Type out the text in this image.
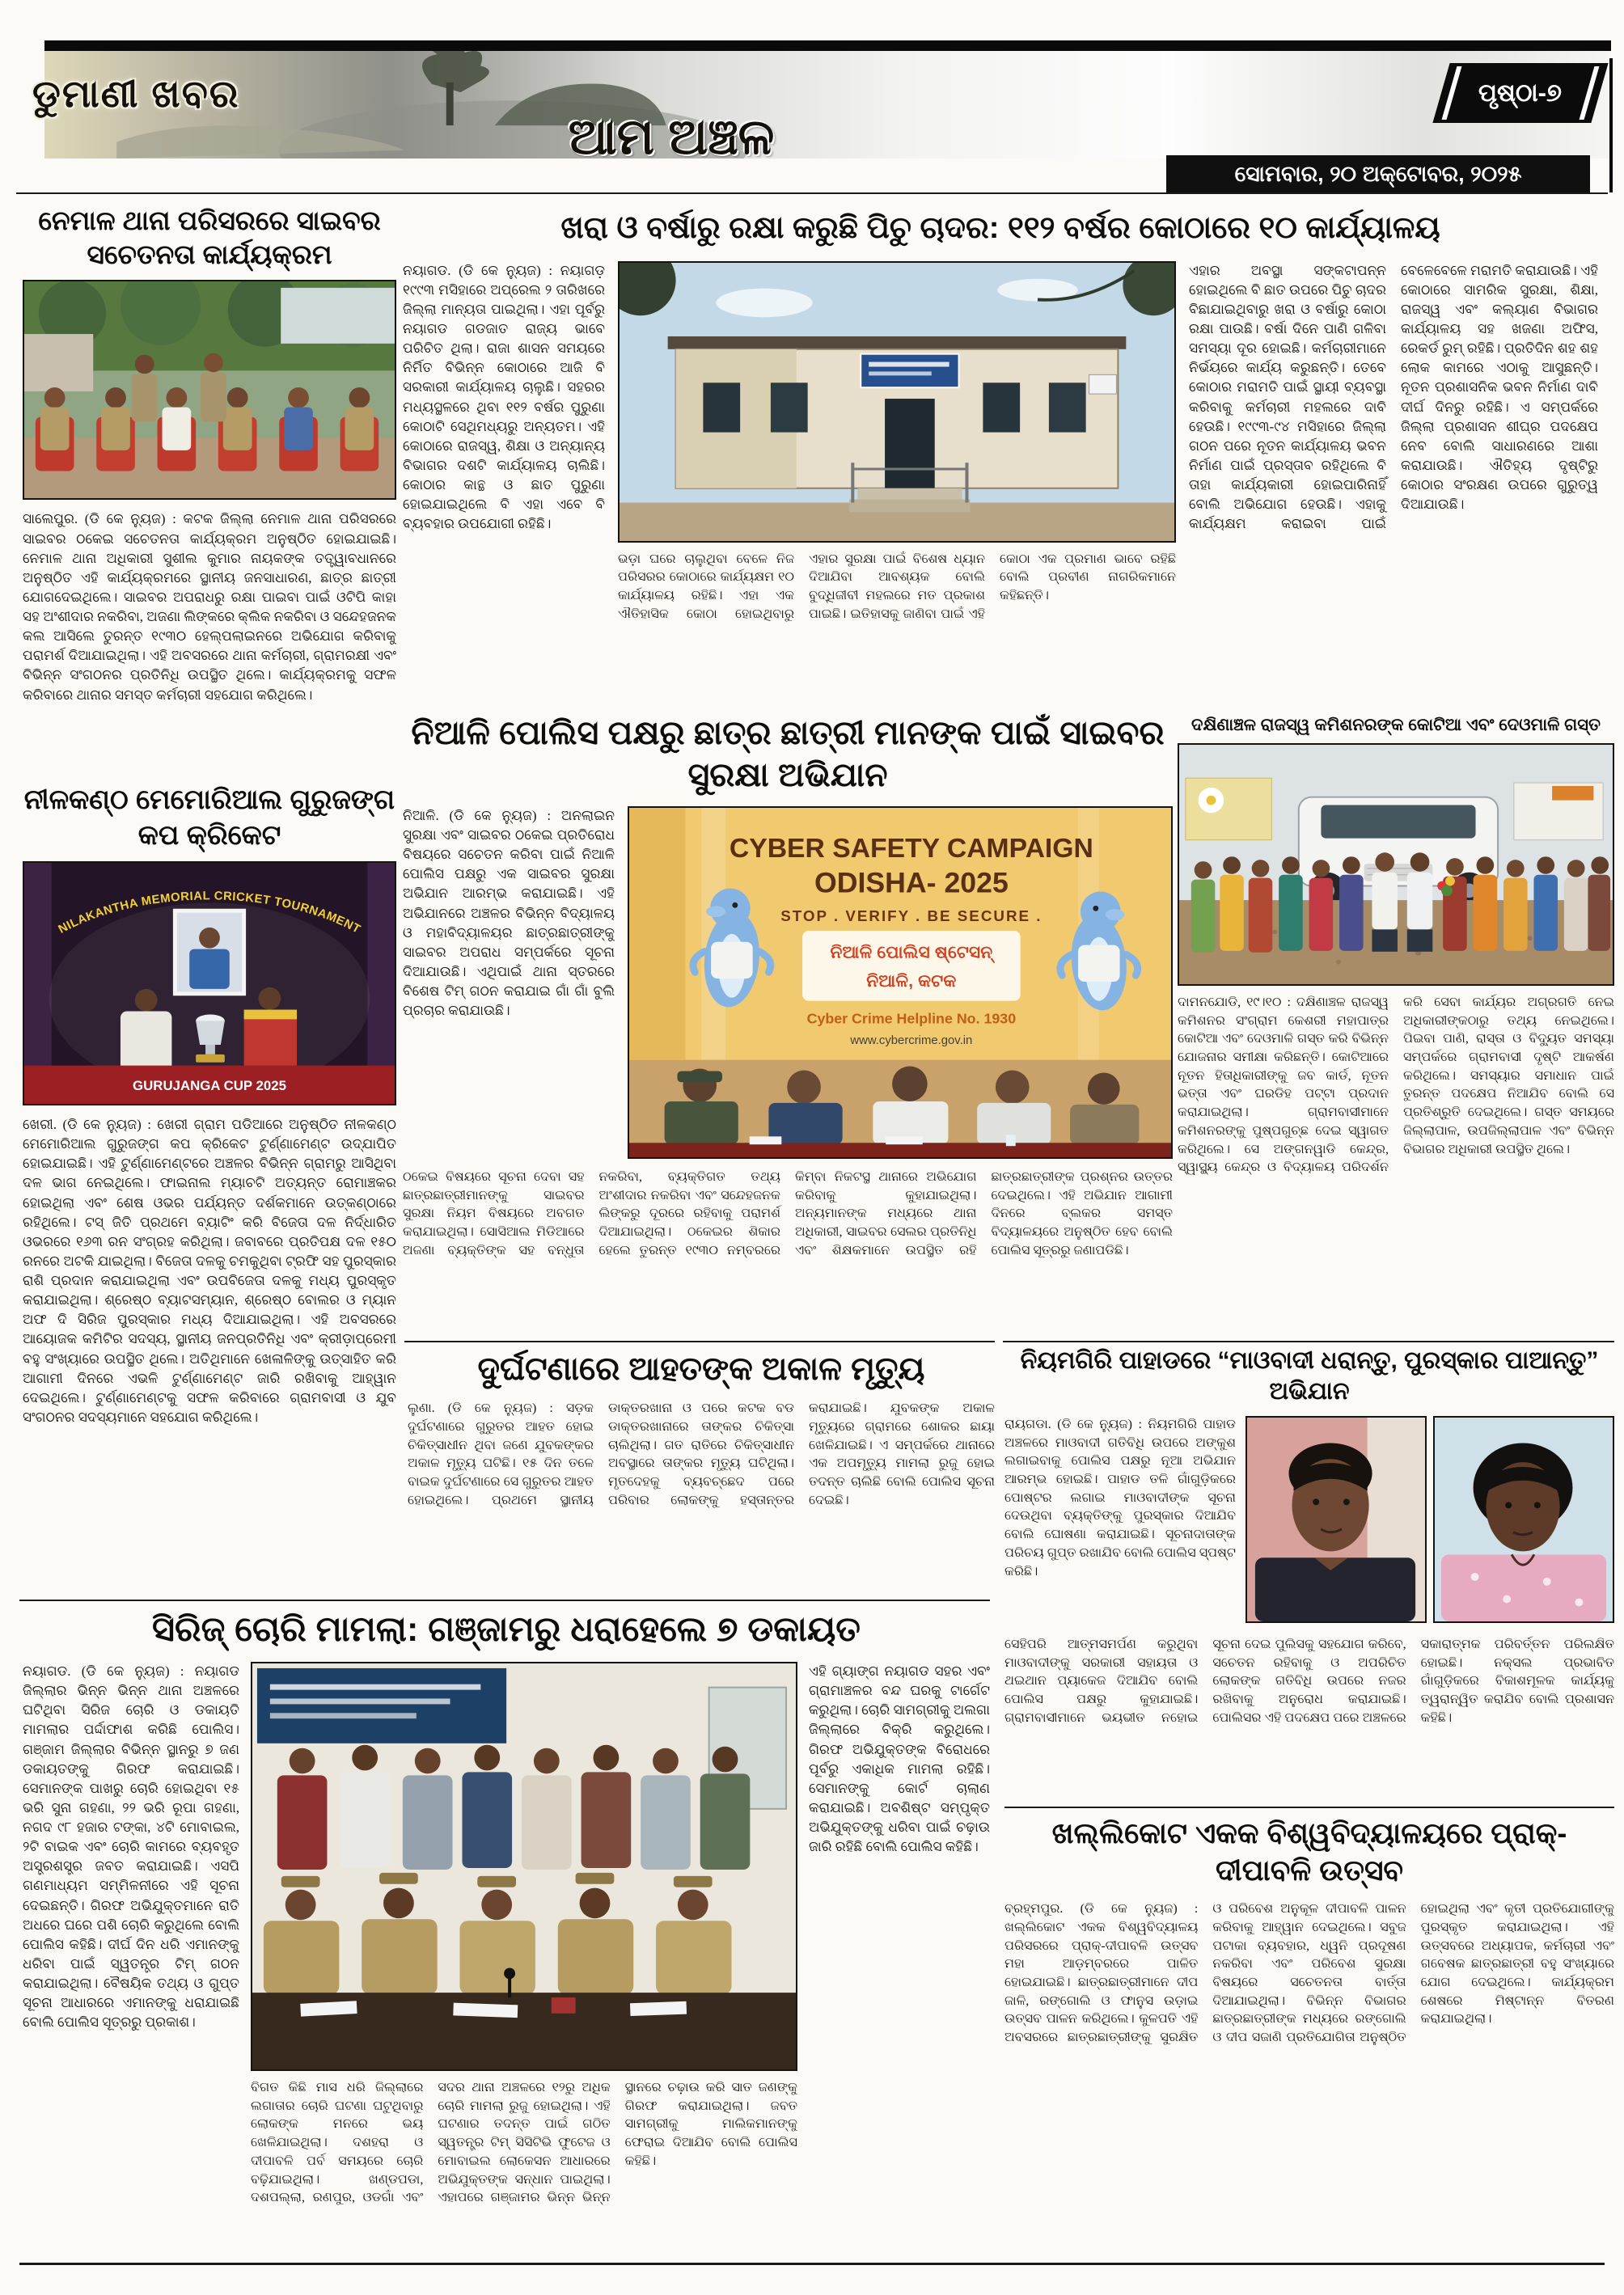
ଡୁମାଣୀ ଖବର	ପୃଷ୍ଠା-୭
ଆମ ଅଞ୍ଚଳ
ସୋମବାର, ୨୦ ଅକ୍ଟୋବର, ୨୦୨୫
ନେମାଳ ଥାନା ପରିସରରେ ସାଇବର ସଚେତନତା କାର୍ଯ୍ୟକ୍ରମ
ସାଲେପୁର. (ଡି କେ ନ୍ୟୁଜ) : କଟକ ଜିଲ୍ଲା ନେମାଳ ଥାନା ପରିସରରେ ସାଇବର ଠକେଇ ସଚେତନତା କାର୍ଯ୍ୟକ୍ରମ ଅନୁଷ୍ଠିତ ହୋଇଯାଇଛି। ନେମାଳ ଥାନା ଅଧିକାରୀ ସୁଶୀଲ କୁମାର ନାୟକଙ୍କ ତତ୍ତ୍ୱାବଧାନରେ ଅନୁଷ୍ଠିତ ଏହି କାର୍ଯ୍ୟକ୍ରମରେ ସ୍ଥାନୀୟ ଜନସାଧାରଣ, ଛାତ୍ର ଛାତ୍ରୀ ଯୋଗଦେଇଥିଲେ। ସାଇବର ଅପରାଧରୁ ରକ୍ଷା ପାଇବା ପାଇଁ ଓଟିପି କାହା ସହ ଅଂଶୀଦାର ନକରିବା, ଅଜଣା ଲିଙ୍କରେ କ୍ଲିକ ନକରିବା ଓ ସନ୍ଦେହଜନକ କଲ ଆସିଲେ ତୁରନ୍ତ ୧୯୩୦ ହେଲ୍ପଲାଇନରେ ଅଭିଯୋଗ କରିବାକୁ ପରାମର୍ଶ ଦିଆଯାଇଥିଲା। ଏହି ଅବସରରେ ଥାନା କର୍ମଚାରୀ, ଗ୍ରାମରକ୍ଷୀ ଏବଂ ବିଭିନ୍ନ ସଂଗଠନର ପ୍ରତିନିଧି ଉପସ୍ଥିତ ଥିଲେ। କାର୍ଯ୍ୟକ୍ରମକୁ ସଫଳ କରିବାରେ ଥାନାର ସମସ୍ତ କର୍ମଚାରୀ ସହଯୋଗ କରିଥିଲେ।
ନୀଳକଣ୍ଠ ମେମୋରିଆଲ ଗୁରୁଜଙ୍ଗ କପ କ୍ରିକେଟ
NILAKANTHA MEMORIAL CRICKET TOURNAMENT
GURUJANGA CUP 2025
ଖେରୀ. (ଡି କେ ନ୍ୟୁଜ) : ଖେରୀ ଗ୍ରାମ ପଡିଆରେ ଅନୁଷ୍ଠିତ ନୀଳକଣ୍ଠ ମେମୋରିଆଲ ଗୁରୁଜଙ୍ଗ କପ କ୍ରିକେଟ ଟୁର୍ଣ୍ଣାମେଣ୍ଟ ଉଦ୍ଯାପିତ ହୋଇଯାଇଛି। ଏହି ଟୁର୍ଣ୍ଣାମେଣ୍ଟରେ ଅଞ୍ଚଳର ବିଭିନ୍ନ ଗ୍ରାମରୁ ଆସିଥିବା ଦଳ ଭାଗ ନେଇଥିଲେ। ଫାଇନାଲ ମ୍ୟାଚଟି ଅତ୍ୟନ୍ତ ରୋମାଞ୍ଚକର ହୋଇଥିଲା ଏବଂ ଶେଷ ଓଭର ପର୍ଯ୍ୟନ୍ତ ଦର୍ଶକମାନେ ଉତ୍କଣ୍ଠାରେ ରହିଥିଲେ। ଟସ୍ ଜିତି ପ୍ରଥମେ ବ୍ୟାଟିଂ କରି ବିଜେତା ଦଳ ନିର୍ଦ୍ଧାରିତ ଓଭରରେ ୧୬୩ ରନ ସଂଗ୍ରହ କରିଥିଲା। ଜବାବରେ ପ୍ରତିପକ୍ଷ ଦଳ ୧୫୦ ରନରେ ଅଟକି ଯାଇଥିଲା। ବିଜେତା ଦଳକୁ ଚମକୁଥିବା ଟ୍ରଫି ସହ ପୁରସ୍କାର ରାଶି ପ୍ରଦାନ କରାଯାଇଥିଲା ଏବଂ ଉପବିଜେତା ଦଳକୁ ମଧ୍ୟ ପୁରସ୍କୃତ କରାଯାଇଥିଲା। ଶ୍ରେଷ୍ଠ ବ୍ୟାଟସମ୍ୟାନ, ଶ୍ରେଷ୍ଠ ବୋଲର ଓ ମ୍ୟାନ ଅଫ ଦି ସିରିଜ ପୁରସ୍କାର ମଧ୍ୟ ଦିଆଯାଇଥିଲା। ଏହି ଅବସରରେ ଆୟୋଜକ କମିଟିର ସଦସ୍ୟ, ସ୍ଥାନୀୟ ଜନପ୍ରତିନିଧି ଏବଂ କ୍ରୀଡ଼ାପ୍ରେମୀ ବହୁ ସଂଖ୍ୟାରେ ଉପସ୍ଥିତ ଥିଲେ। ଅତିଥିମାନେ ଖେଳାଳିଙ୍କୁ ଉତ୍ସାହିତ କରି ଆଗାମୀ ଦିନରେ ଏଭଳି ଟୁର୍ଣ୍ଣାମେଣ୍ଟ ଜାରି ରଖିବାକୁ ଆହ୍ୱାନ ଦେଇଥିଲେ। ଟୁର୍ଣ୍ଣାମେଣ୍ଟକୁ ସଫଳ କରିବାରେ ଗ୍ରାମବାସୀ ଓ ଯୁବ ସଂଗଠନର ସଦସ୍ୟମାନେ ସହଯୋଗ କରିଥିଲେ।
ଖରା ଓ ବର୍ଷାରୁ ରକ୍ଷା କରୁଛି ପିଚୁ ଚାଦର: ୧୧୨ ବର୍ଷର କୋଠାରେ ୧୦ କାର୍ଯ୍ୟାଳୟ
ନୟାଗଡ. (ଡି କେ ନ୍ୟୁଜ) : ନୟାଗଡ଼ ୧୯୯୩ ମସିହାରେ ଅପ୍ରେଲ ୨ ତାରିଖରେ ଜିଲ୍ଲା ମାନ୍ୟତା ପାଇଥିଲା। ଏହା ପୂର୍ବରୁ ନୟାଗଡ ଗଡଜାତ ରାଜ୍ୟ ଭାବେ ପରିଚିତ ଥିଲା। ରାଜା ଶାସନ ସମୟରେ ନିର୍ମିତ ବିଭିନ୍ନ କୋଠାରେ ଆଜି ବି ସରକାରୀ କାର୍ଯ୍ୟାଳୟ ଚାଲୁଛି। ସହରର ମଧ୍ୟସ୍ଥଳରେ ଥିବା ୧୧୨ ବର୍ଷର ପୁରୁଣା କୋଠାଟି ସେଥିମଧ୍ୟରୁ ଅନ୍ୟତମ। ଏହି କୋଠାରେ ରାଜସ୍ୱ, ଶିକ୍ଷା ଓ ଅନ୍ୟାନ୍ୟ ବିଭାଗର ଦଶଟି କାର୍ଯ୍ୟାଳୟ ଚାଲିଛି। କୋଠାର କାନ୍ଥ ଓ ଛାତ ପୁରୁଣା ହୋଇଯାଇଥିଲେ ବି ଏହା ଏବେ ବି ବ୍ୟବହାର ଉପଯୋଗୀ ରହିଛି।
ଭଡ଼ା ଘରେ ଚାଲୁଥିବା ବେଳେ ନିଜ ପରିସରର କୋଠାରେ କାର୍ଯ୍ୟକ୍ଷମ ୧୦ କାର୍ଯ୍ୟାଳୟ ରହିଛି। ଏହା ଏକ ଐତିହାସିକ କୋଠା ହୋଇଥିବାରୁ ଏହାର ସୁରକ୍ଷା ପାଇଁ ବିଶେଷ ଧ୍ୟାନ ଦିଆଯିବା ଆବଶ୍ୟକ ବୋଲି ବୁଦ୍ଧିଜୀବୀ ମହଲରେ ମତ ପ୍ରକାଶ ପାଇଛି। ଇତିହାସକୁ ଜାଣିବା ପାଇଁ ଏହି କୋଠା ଏକ ପ୍ରମାଣ ଭାବେ ରହିଛି ବୋଲି ପ୍ରବୀଣ ନାଗରିକମାନେ କହିଛନ୍ତି।
ଏହାର ଅବସ୍ଥା ସଙ୍କଟାପନ୍ନ ହୋଇଥିଲେ ବି ଛାତ ଉପରେ ପିଚୁ ଚାଦର ବିଛାଯାଇଥିବାରୁ ଖରା ଓ ବର୍ଷାରୁ କୋଠା ରକ୍ଷା ପାଉଛି। ବର୍ଷା ଦିନେ ପାଣି ଗଳିବା ସମସ୍ୟା ଦୂର ହୋଇଛି। କର୍ମଚାରୀମାନେ ନିର୍ଭୟରେ କାର୍ଯ୍ୟ କରୁଛନ୍ତି। ତେବେ କୋଠାର ମରାମତି ପାଇଁ ସ୍ଥାୟୀ ବ୍ୟବସ୍ଥା କରିବାକୁ କର୍ମଚାରୀ ମହଲରେ ଦାବି ହେଉଛି। ୧୯୯୩-୯୪ ମସିହାରେ ଜିଲ୍ଲା ଗଠନ ପରେ ନୂତନ କାର୍ଯ୍ୟାଳୟ ଭବନ ନିର୍ମାଣ ପାଇଁ ପ୍ରସ୍ତାବ ରହିଥିଲେ ବି ତାହା କାର୍ଯ୍ୟକାରୀ ହୋଇପାରିନାହିଁ ବୋଲି ଅଭିଯୋଗ ହେଉଛି। ଏହାକୁ କାର୍ଯ୍ୟକ୍ଷମ କରାଇବା ପାଇଁ ବେଳେବେଳେ ମରାମତି କରାଯାଉଛି। ଏହି କୋଠାରେ ସାମରିକ ସୁରକ୍ଷା, ଶିକ୍ଷା, ରାଜସ୍ୱ ଏବଂ କଲ୍ୟାଣ ବିଭାଗର କାର୍ଯ୍ୟାଳୟ ସହ ଖଜଣା ଅଫିସ, ରେକର୍ଡ ରୁମ୍ ରହିଛି। ପ୍ରତିଦିନ ଶହ ଶହ ଲୋକ କାମରେ ଏଠାକୁ ଆସୁଛନ୍ତି। ନୂତନ ପ୍ରଶାସନିକ ଭବନ ନିର୍ମାଣ ଦାବି ଦୀର୍ଘ ଦିନରୁ ରହିଛି। ଏ ସମ୍ପର୍କରେ ଜିଲ୍ଲା ପ୍ରଶାସନ ଶୀଘ୍ର ପଦକ୍ଷେପ ନେବ ବୋଲି ସାଧାରଣରେ ଆଶା କରାଯାଉଛି। ଐତିହ୍ୟ ଦୃଷ୍ଟିରୁ କୋଠାର ସଂରକ୍ଷଣ ଉପରେ ଗୁରୁତ୍ୱ ଦିଆଯାଉଛି।
ନିଆଳି ପୋଲିସ ପକ୍ଷରୁ ଛାତ୍ର ଛାତ୍ରୀ ମାନଙ୍କ ପାଇଁ ସାଇବର ସୁରକ୍ଷା ଅଭିଯାନ
ନିଆଳି. (ଡି କେ ନ୍ୟୁଜ) : ଅନଲାଇନ ସୁରକ୍ଷା ଏବଂ ସାଇବର ଠକେଇ ପ୍ରତିରୋଧ ବିଷୟରେ ସଚେତନ କରିବା ପାଇଁ ନିଆଳି ପୋଲିସ ପକ୍ଷରୁ ଏକ ସାଇବର ସୁରକ୍ଷା ଅଭିଯାନ ଆରମ୍ଭ କରାଯାଇଛି। ଏହି ଅଭିଯାନରେ ଅଞ୍ଚଳର ବିଭିନ୍ନ ବିଦ୍ୟାଳୟ ଓ ମହାବିଦ୍ୟାଳୟର ଛାତ୍ରଛାତ୍ରୀଙ୍କୁ ସାଇବର ଅପରାଧ ସମ୍ପର୍କରେ ସୂଚନା ଦିଆଯାଉଛି। ଏଥିପାଇଁ ଥାନା ସ୍ତରରେ ବିଶେଷ ଟିମ୍ ଗଠନ କରାଯାଇ ଗାଁ ଗାଁ ବୁଲି ପ୍ରଚାର କରାଯାଉଛି।
CYBER SAFETY CAMPAIGN
ODISHA- 2025
STOP . VERIFY . BE SECURE .
ନିଆଳି ପୋଲିସ ଷ୍ଟେସନ୍
ନିଆଳି, କଟକ
Cyber Crime Helpline No. 1930
www.cybercrime.gov.in
ଠକେଇ ବିଷୟରେ ସୂଚନା ଦେବା ସହ ଛାତ୍ରଛାତ୍ରୀମାନଙ୍କୁ ସାଇବର ସୁରକ୍ଷା ନିୟମ ବିଷୟରେ ଅବଗତ କରାଯାଇଥିଲା। ସୋସିଆଲ ମିଡିଆରେ ଅଜଣା ବ୍ୟକ୍ତିଙ୍କ ସହ ବନ୍ଧୁତା ନକରିବା, ବ୍ୟକ୍ତିଗତ ତଥ୍ୟ ଅଂଶୀଦାର ନକରିବା ଏବଂ ସନ୍ଦେହଜନକ ଲିଙ୍କରୁ ଦୂରରେ ରହିବାକୁ ପରାମର୍ଶ ଦିଆଯାଇଥିଲା। ଠକେଇର ଶିକାର ହେଲେ ତୁରନ୍ତ ୧୯୩୦ ନମ୍ବରରେ କିମ୍ବା ନିକଟସ୍ଥ ଥାନାରେ ଅଭିଯୋଗ କରିବାକୁ କୁହାଯାଇଥିଲା। ଅନ୍ୟମାନଙ୍କ ମଧ୍ୟରେ ଥାନା ଅଧିକାରୀ, ସାଇବର ସେଲର ପ୍ରତିନିଧି ଏବଂ ଶିକ୍ଷକମାନେ ଉପସ୍ଥିତ ରହି ଛାତ୍ରଛାତ୍ରୀଙ୍କ ପ୍ରଶ୍ନର ଉତ୍ତର ଦେଇଥିଲେ। ଏହି ଅଭିଯାନ ଆଗାମୀ ଦିନରେ ବ୍ଲକର ସମସ୍ତ ବିଦ୍ୟାଳୟରେ ଅନୁଷ୍ଠିତ ହେବ ବୋଲି ପୋଲିସ ସୂତ୍ରରୁ ଜଣାପଡିଛି।
ଦକ୍ଷିଣାଞ୍ଚଳ ରାଜସ୍ୱ କମିଶନରଙ୍କ କୋଟିଆ ଏବଂ ଦେଓମାଳି ଗସ୍ତ
ଦାମନଯୋଡି, ୧୯।୧୦ : ଦକ୍ଷିଣାଞ୍ଚଳ ରାଜସ୍ୱ କମିଶନର ସଂଗ୍ରାମ କେଶରୀ ମହାପାତ୍ର କୋଟିଆ ଏବଂ ଦେଓମାଳି ଗସ୍ତ କରି ବିଭିନ୍ନ ଯୋଜନାର ସମୀକ୍ଷା କରିଛନ୍ତି। କୋଟିଆରେ ନୂତନ ହିତାଧିକାରୀଙ୍କୁ ଜବ କାର୍ଡ, ନୂତନ ଭତ୍ତା ଏବଂ ଘରଡିହ ପଟ୍ଟା ପ୍ରଦାନ କରାଯାଇଥିଲା। ଗ୍ରାମବାସୀମାନେ କମିଶନରଙ୍କୁ ପୁଷ୍ପଗୁଚ୍ଛ ଦେଇ ସ୍ୱାଗତ କରିଥିଲେ। ସେ ଅଙ୍ଗନୱାଡି କେନ୍ଦ୍ର, ସ୍ୱାସ୍ଥ୍ୟ କେନ୍ଦ୍ର ଓ ବିଦ୍ୟାଳୟ ପରିଦର୍ଶନ କରି ସେବା କାର୍ଯ୍ୟର ଅଗ୍ରଗତି ନେଇ ଅଧିକାରୀଙ୍କଠାରୁ ତଥ୍ୟ ନେଇଥିଲେ। ପିଇବା ପାଣି, ରାସ୍ତା ଓ ବିଦ୍ୟୁତ ସମସ୍ୟା ସମ୍ପର୍କରେ ଗ୍ରାମବାସୀ ଦୃଷ୍ଟି ଆକର୍ଷଣ କରିଥିଲେ। ସମସ୍ୟାର ସମାଧାନ ପାଇଁ ତୁରନ୍ତ ପଦକ୍ଷେପ ନିଆଯିବ ବୋଲି ସେ ପ୍ରତିଶ୍ରୁତି ଦେଇଥିଲେ। ଗସ୍ତ ସମୟରେ ଜିଲ୍ଲାପାଳ, ଉପଜିଲ୍ଲାପାଳ ଏବଂ ବିଭିନ୍ନ ବିଭାଗର ଅଧିକାରୀ ଉପସ୍ଥିତ ଥିଲେ।
ଦୁର୍ଘଟଣାରେ ଆହତଙ୍କ ଅକାଳ ମୃତ୍ୟୁ
ଲୁଣା. (ଡି କେ ନ୍ୟୁଜ) : ସଡ଼କ ଦୁର୍ଘଟଣାରେ ଗୁରୁତର ଆହତ ହୋଇ ଚିକିତ୍ସାଧୀନ ଥିବା ଜଣେ ଯୁବକଙ୍କର ଅକାଳ ମୃତ୍ୟୁ ଘଟିଛି। ୧୫ ଦିନ ତଳେ ବାଇକ ଦୁର୍ଘଟଣାରେ ସେ ଗୁରୁତର ଆହତ ହୋଇଥିଲେ। ପ୍ରଥମେ ସ୍ଥାନୀୟ ଡାକ୍ତରଖାନା ଓ ପରେ କଟକ ବଡ ଡାକ୍ତରଖାନାରେ ତାଙ୍କର ଚିକିତ୍ସା ଚାଲିଥିଲା। ଗତ ରାତିରେ ଚିକିତ୍ସାଧୀନ ଅବସ୍ଥାରେ ତାଙ୍କର ମୃତ୍ୟୁ ଘଟିଥିଲା। ମୃତଦେହକୁ ବ୍ୟବଚ୍ଛେଦ ପରେ ପରିବାର ଲୋକଙ୍କୁ ହସ୍ତାନ୍ତର କରାଯାଇଛି। ଯୁବକଙ୍କ ଅକାଳ ମୃତ୍ୟୁରେ ଗ୍ରାମରେ ଶୋକର ଛାୟା ଖେଳିଯାଇଛି। ଏ ସମ୍ପର୍କରେ ଥାନାରେ ଏକ ଅପମୃତ୍ୟୁ ମାମଲା ରୁଜୁ ହୋଇ ତଦନ୍ତ ଚାଲିଛି ବୋଲି ପୋଲିସ ସୂଚନା ଦେଇଛି।
ନିୟମଗିରି ପାହାଡରେ “ମାଓବାଦୀ ଧରାନ୍ତୁ, ପୁରସ୍କାର ପାଆନ୍ତୁ” ଅଭିଯାନ
ରାୟଗଡା. (ଡି କେ ନ୍ୟୁଜ) : ନିୟମଗିରି ପାହାଡ ଅଞ୍ଚଳରେ ମାଓବାଦୀ ଗତିବିଧି ଉପରେ ଅଙ୍କୁଶ ଲଗାଇବାକୁ ପୋଲିସ ପକ୍ଷରୁ ନୂଆ ଅଭିଯାନ ଆରମ୍ଭ ହୋଇଛି। ପାହାଡ ତଳି ଗାଁଗୁଡ଼ିକରେ ପୋଷ୍ଟର ଲଗାଇ ମାଓବାଦୀଙ୍କ ସୂଚନା ଦେଉଥିବା ବ୍ୟକ୍ତିଙ୍କୁ ପୁରସ୍କାର ଦିଆଯିବ ବୋଲି ଘୋଷଣା କରାଯାଇଛି। ସୂଚନାଦାତାଙ୍କ ପରିଚୟ ଗୁପ୍ତ ରଖାଯିବ ବୋଲି ପୋଲିସ ସ୍ପଷ୍ଟ କରିଛି।
ସେହିପରି ଆତ୍ମସମର୍ପଣ କରୁଥିବା ମାଓବାଦୀଙ୍କୁ ସରକାରୀ ସହାୟତା ଓ ଥଇଥାନ ପ୍ୟାକେଜ ଦିଆଯିବ ବୋଲି ପୋଲିସ ପକ୍ଷରୁ କୁହାଯାଇଛି। ଗ୍ରାମବାସୀମାନେ ଭୟଭୀତ ନହୋଇ ସୂଚନା ଦେଇ ପୁଲିସକୁ ସହଯୋଗ କରିବେ, ସଚେତନ ରହିବାକୁ ଓ ଅପରିଚିତ ଲୋକଙ୍କ ଗତିବିଧି ଉପରେ ନଜର ରଖିବାକୁ ଅନୁରୋଧ କରାଯାଇଛି। ପୋଲିସର ଏହି ପଦକ୍ଷେପ ପରେ ଅଞ୍ଚଳରେ ସକାରାତ୍ମକ ପରିବର୍ତ୍ତନ ପରିଲକ୍ଷିତ ହୋଇଛି। ନକ୍ସଲ ପ୍ରଭାବିତ ଗାଁଗୁଡ଼ିକରେ ବିକାଶମୂଳକ କାର୍ଯ୍ୟକୁ ତ୍ୱରାନ୍ୱିତ କରାଯିବ ବୋଲି ପ୍ରଶାସନ କହିଛି।
ସିରିଜ୍ ଚୋରି ମାମଲା: ଗଞ୍ଜାମରୁ ଧରାହେଲେ ୭ ଡକାୟତ
ନୟାଗଡ. (ଡି କେ ନ୍ୟୁଜ) : ନୟାଗଡ ଜିଲ୍ଲାର ଭିନ୍ନ ଭିନ୍ନ ଥାନା ଅଞ୍ଚଳରେ ଘଟିଥିବା ସିରିଜ ଚୋରି ଓ ଡକାୟତି ମାମଲାର ପର୍ଦ୍ଦାଫାଶ କରିଛି ପୋଲିସ। ଗଞ୍ଜାମ ଜିଲ୍ଲାର ବିଭିନ୍ନ ସ୍ଥାନରୁ ୭ ଜଣ ଡକାୟତଙ୍କୁ ଗିରଫ କରାଯାଇଛି। ସେମାନଙ୍କ ପାଖରୁ ଚୋରି ହୋଇଥିବା ୧୫ ଭରି ସୁନା ଗହଣା, ୨୨ ଭରି ରୂପା ଗହଣା, ନଗଦ ୯୮ ହଜାର ଟଙ୍କା, ୪ଟି ମୋବାଇଲ, ୨ଟି ବାଇକ ଏବଂ ଚୋରି କାମରେ ବ୍ୟବହୃତ ଅସ୍ତ୍ରଶସ୍ତ୍ର ଜବତ କରାଯାଇଛି। ଏସପି ଗଣମାଧ୍ୟମ ସମ୍ମିଳନୀରେ ଏହି ସୂଚନା ଦେଇଛନ୍ତି। ଗିରଫ ଅଭିଯୁକ୍ତମାନେ ରାତି ଅଧରେ ଘରେ ପଶି ଚୋରି କରୁଥିଲେ ବୋଲି ପୋଲିସ କହିଛି। ଦୀର୍ଘ ଦିନ ଧରି ଏମାନଙ୍କୁ ଧରିବା ପାଇଁ ସ୍ୱତନ୍ତ୍ର ଟିମ୍ ଗଠନ କରାଯାଇଥିଲା। ବୈଷୟିକ ତଥ୍ୟ ଓ ଗୁପ୍ତ ସୂଚନା ଆଧାରରେ ଏମାନଙ୍କୁ ଧରାଯାଇଛି ବୋଲି ପୋଲିସ ସୂତ୍ରରୁ ପ୍ରକାଶ।
ବିଗତ କିଛି ମାସ ଧରି ଜିଲ୍ଲାରେ ଲଗାତାର ଚୋରି ଘଟଣା ଘଟୁଥିବାରୁ ଲୋକଙ୍କ ମନରେ ଭୟ ଖେଳିଯାଇଥିଲା। ଦଶହରା ଓ ଦୀପାବଳି ପର୍ବ ସମୟରେ ଚୋରି ବଢ଼ିଯାଇଥିଲା। ଖଣ୍ଡପଡା, ଦଶପଲ୍ଲା, ରଣପୁର, ଓଡଗାଁ ଏବଂ ସଦର ଥାନା ଅଞ୍ଚଳରେ ୧୨ରୁ ଅଧିକ ଚୋରି ମାମଲା ରୁଜୁ ହୋଇଥିଲା। ଏହି ଘଟଣାର ତଦନ୍ତ ପାଇଁ ଗଠିତ ସ୍ୱତନ୍ତ୍ର ଟିମ୍ ସିସିଟିଭି ଫୁଟେଜ ଓ ମୋବାଇଲ ଲୋକେସନ ଆଧାରରେ ଅଭିଯୁକ୍ତଙ୍କ ସନ୍ଧାନ ପାଇଥିଲା। ଏହାପରେ ଗଞ୍ଜାମର ଭିନ୍ନ ଭିନ୍ନ ସ୍ଥାନରେ ଚଢ଼ାଉ କରି ସାତ ଜଣଙ୍କୁ ଗିରଫ କରାଯାଇଥିଲା। ଜବତ ସାମଗ୍ରୀକୁ ମାଲିକମାନଙ୍କୁ ଫେରାଇ ଦିଆଯିବ ବୋଲି ପୋଲିସ କହିଛି।
ଏହି ଗ୍ୟାଙ୍ଗ ନୟାଗଡ ସହର ଏବଂ ଗ୍ରାମାଞ୍ଚଳର ବନ୍ଦ ଘରକୁ ଟାର୍ଗେଟ କରୁଥିଲା। ଚୋରି ସାମଗ୍ରୀକୁ ଅଲଗା ଜିଲ୍ଲାରେ ବିକ୍ରି କରୁଥିଲେ। ଗିରଫ ଅଭିଯୁକ୍ତଙ୍କ ବିରୋଧରେ ପୂର୍ବରୁ ଏକାଧିକ ମାମଲା ରହିଛି। ସେମାନଙ୍କୁ କୋର୍ଟ ଚାଲାଣ କରାଯାଇଛି। ଅବଶିଷ୍ଟ ସମ୍ପୃକ୍ତ ଅଭିଯୁକ୍ତଙ୍କୁ ଧରିବା ପାଇଁ ଚଢ଼ାଉ ଜାରି ରହିଛି ବୋଲି ପୋଲିସ କହିଛି।	ଖଲ୍ଲିକୋଟ ଏକକ ବିଶ୍ୱବିଦ୍ୟାଳୟରେ ପ୍ରାକ୍-ଦୀପାବଳି ଉତ୍ସବ
ବ୍ରହ୍ମପୁର. (ଡି କେ ନ୍ୟୁଜ) : ଖଲ୍ଲିକୋଟ ଏକକ ବିଶ୍ୱବିଦ୍ୟାଳୟ ପରିସରରେ ପ୍ରାକ୍-ଦୀପାବଳି ଉତ୍ସବ ମହା ଆଡ଼ମ୍ବରରେ ପାଳିତ ହୋଇଯାଇଛି। ଛାତ୍ରଛାତ୍ରୀମାନେ ଦୀପ ଜାଳି, ରଙ୍ଗୋଲି ଓ ଫାନୁସ ଉଡ଼ାଇ ଉତ୍ସବ ପାଳନ କରିଥିଲେ। କୁଳପତି ଏହି ଅବସରରେ ଛାତ୍ରଛାତ୍ରୀଙ୍କୁ ସୁରକ୍ଷିତ ଓ ପରିବେଶ ଅନୁକୂଳ ଦୀପାବଳି ପାଳନ କରିବାକୁ ଆହ୍ୱାନ ଦେଇଥିଲେ। ସବୁଜ ପଟାକା ବ୍ୟବହାର, ଧ୍ୱନି ପ୍ରଦୂଷଣ ନକରିବା ଏବଂ ପରିବେଶ ସୁରକ୍ଷା ବିଷୟରେ ସଚେତନତା ବାର୍ତ୍ତା ଦିଆଯାଇଥିଲା। ବିଭିନ୍ନ ବିଭାଗର ଛାତ୍ରଛାତ୍ରୀଙ୍କ ମଧ୍ୟରେ ରଙ୍ଗୋଲି ଓ ଦୀପ ସଜାଣି ପ୍ରତିଯୋଗିତା ଅନୁଷ୍ଠିତ ହୋଇଥିଲା ଏବଂ କୃତୀ ପ୍ରତିଯୋଗୀଙ୍କୁ ପୁରସ୍କୃତ କରାଯାଇଥିଲା। ଏହି ଉତ୍ସବରେ ଅଧ୍ୟାପକ, କର୍ମଚାରୀ ଏବଂ ଗବେଷକ ଛାତ୍ରଛାତ୍ରୀ ବହୁ ସଂଖ୍ୟାରେ ଯୋଗ ଦେଇଥିଲେ। କାର୍ଯ୍ୟକ୍ରମ ଶେଷରେ ମିଷ୍ଟାନ୍ନ ବିତରଣ କରାଯାଇଥିଲା।
